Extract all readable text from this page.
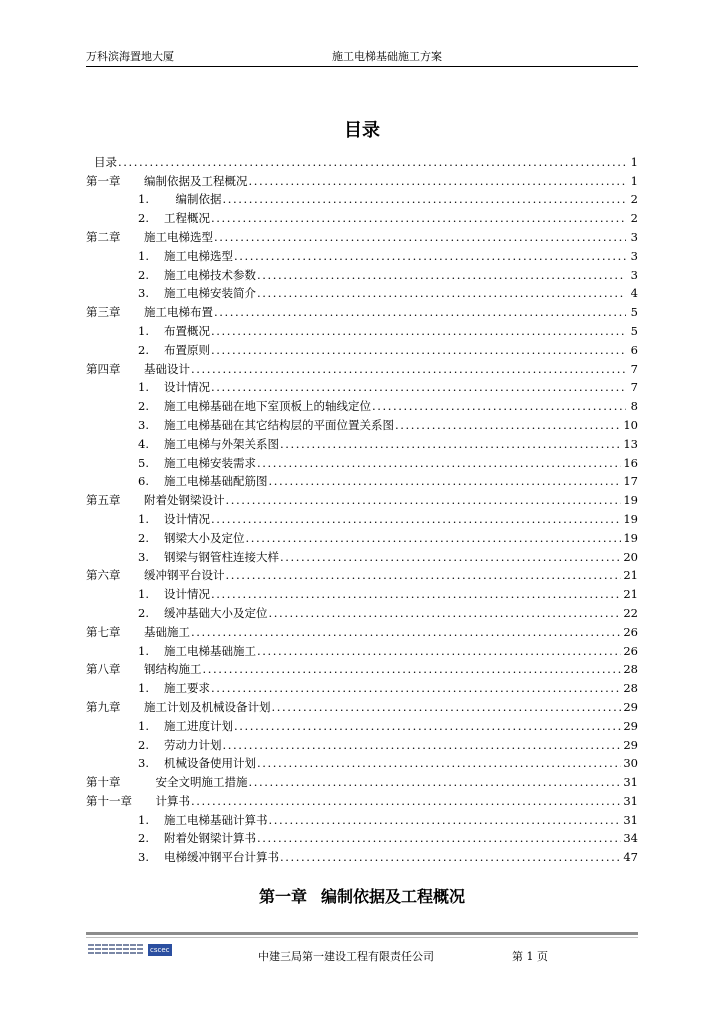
万科滨海置地大厦	施工电梯基础施工方案
目录
目录 .....	1
第一章	编制依据及工程概况 .....	1
1.	　编制依据 .....	2
2.	工程概况 .....	2
第二章	施工电梯选型 .....	3
1.	施工电梯选型 .....	3
2.	施工电梯技术参数 .....	3
3.	施工电梯安装简介 .....	4
第三章	施工电梯布置 .....	5
1.	布置概况 .....	5
2.	布置原则 .....	6
第四章	基础设计 .....	7
1.	设计情况 .....	7
2.	施工电梯基础在地下室顶板上的轴线定位 .....	8
3.	施工电梯基础在其它结构层的平面位置关系图 .....	10
4.	施工电梯与外架关系图 .....	13
5.	施工电梯安装需求 .....	16
6.	施工电梯基础配筋图 .....	17
第五章	附着处钢梁设计 .....	19
1.	设计情况 .....	19
2.	钢梁大小及定位 .....	19
3.	钢梁与钢管柱连接大样 .....	20
第六章	缓冲钢平台设计 .....	21
1.	设计情况 .....	21
2.	缓冲基础大小及定位 .....	22
第七章	基础施工 .....	26
1.	施工电梯基础施工 .....	26
第八章	钢结构施工 .....	28
1.	施工要求 .....	28
第九章	施工计划及机械设备计划 .....	29
1.	施工进度计划 .....	29
2.	劳动力计划 .....	29
3.	机械设备使用计划 .....	30
第十章	　安全文明施工措施 .....	31
第十一章	　计算书 .....	31
1.	施工电梯基础计算书 .....	31
2.	附着处钢梁计算书 .....	34
3.	电梯缓冲钢平台计算书 .....	47
第一章 编制依据及工程概况
cscec	中建三局第一建设工程有限责任公司	第 1 页
